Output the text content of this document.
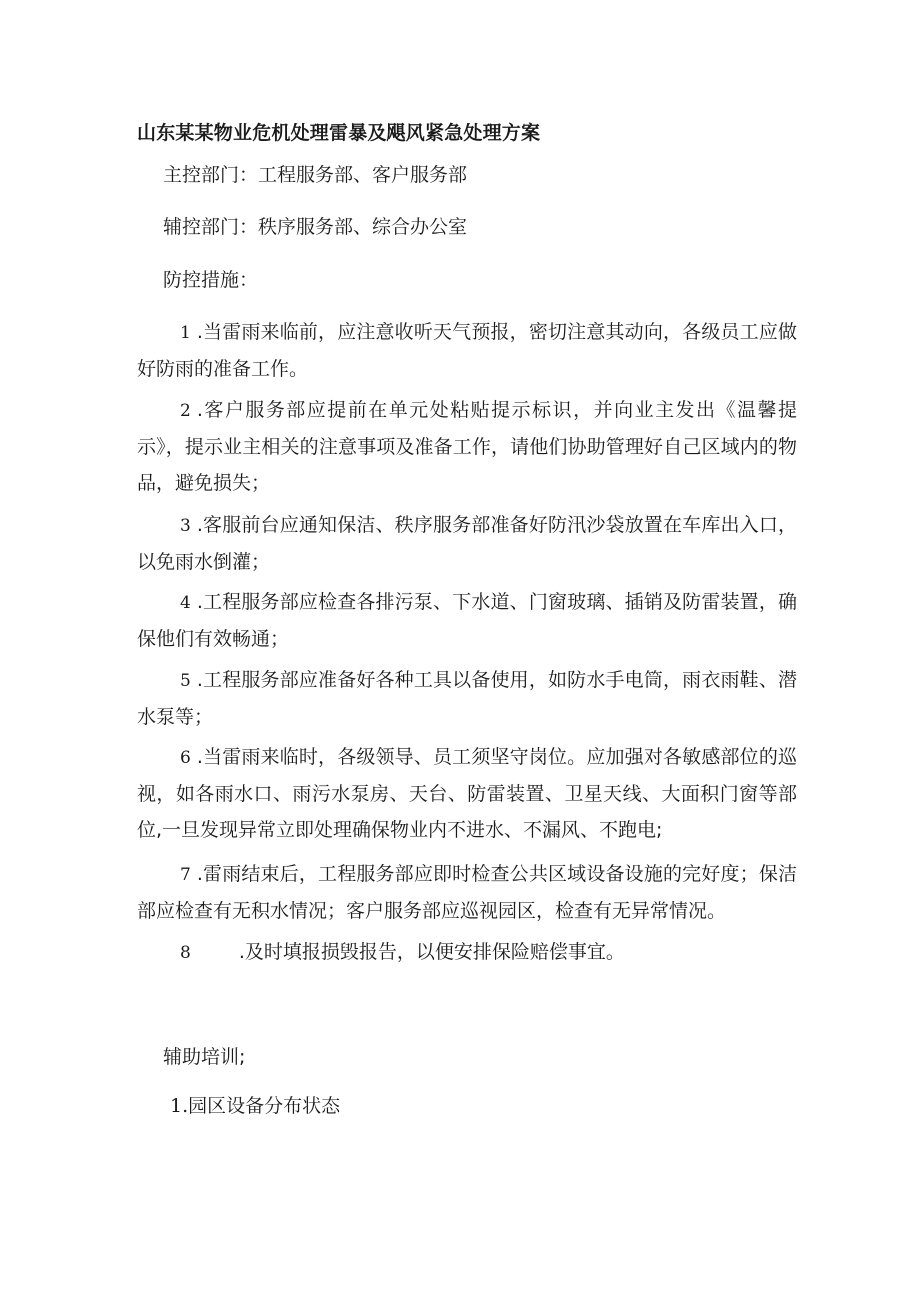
山东某某物业危机处理雷暴及飓风紧急处理方案
主控部门：工程服务部、客户服务部
辅控部门：秩序服务部、综合办公室
防控措施：
1 .当雷雨来临前，应注意收听天气预报，密切注意其动向，各级员工应做好防雨的准备工作。
2 .客户服务部应提前在单元处粘贴提示标识，并向业主发出《温馨提示》，提示业主相关的注意事项及准备工作，请他们协助管理好自己区域内的物品，避免损失；
3 .客服前台应通知保洁、秩序服务部准备好防汛沙袋放置在车库出入口，以免雨水倒灌；
4 .工程服务部应检查各排污泵、下水道、门窗玻璃、插销及防雷装置，确保他们有效畅通；
5 .工程服务部应准备好各种工具以备使用，如防水手电筒，雨衣雨鞋、潜水泵等；
6 .当雷雨来临时，各级领导、员工须坚守岗位。应加强对各敏感部位的巡视，如各雨水口、雨污水泵房、天台、防雷装置、卫星天线、大面积门窗等部位,一旦发现异常立即处理确保物业内不进水、不漏风、不跑电;
7 .雷雨结束后，工程服务部应即时检查公共区域设备设施的完好度；保洁部应检查有无积水情况；客户服务部应巡视园区，检查有无异常情况。
8	.及时填报损毁报告，以便安排保险赔偿事宜。
辅助培训;
1.园区设备分布状态
